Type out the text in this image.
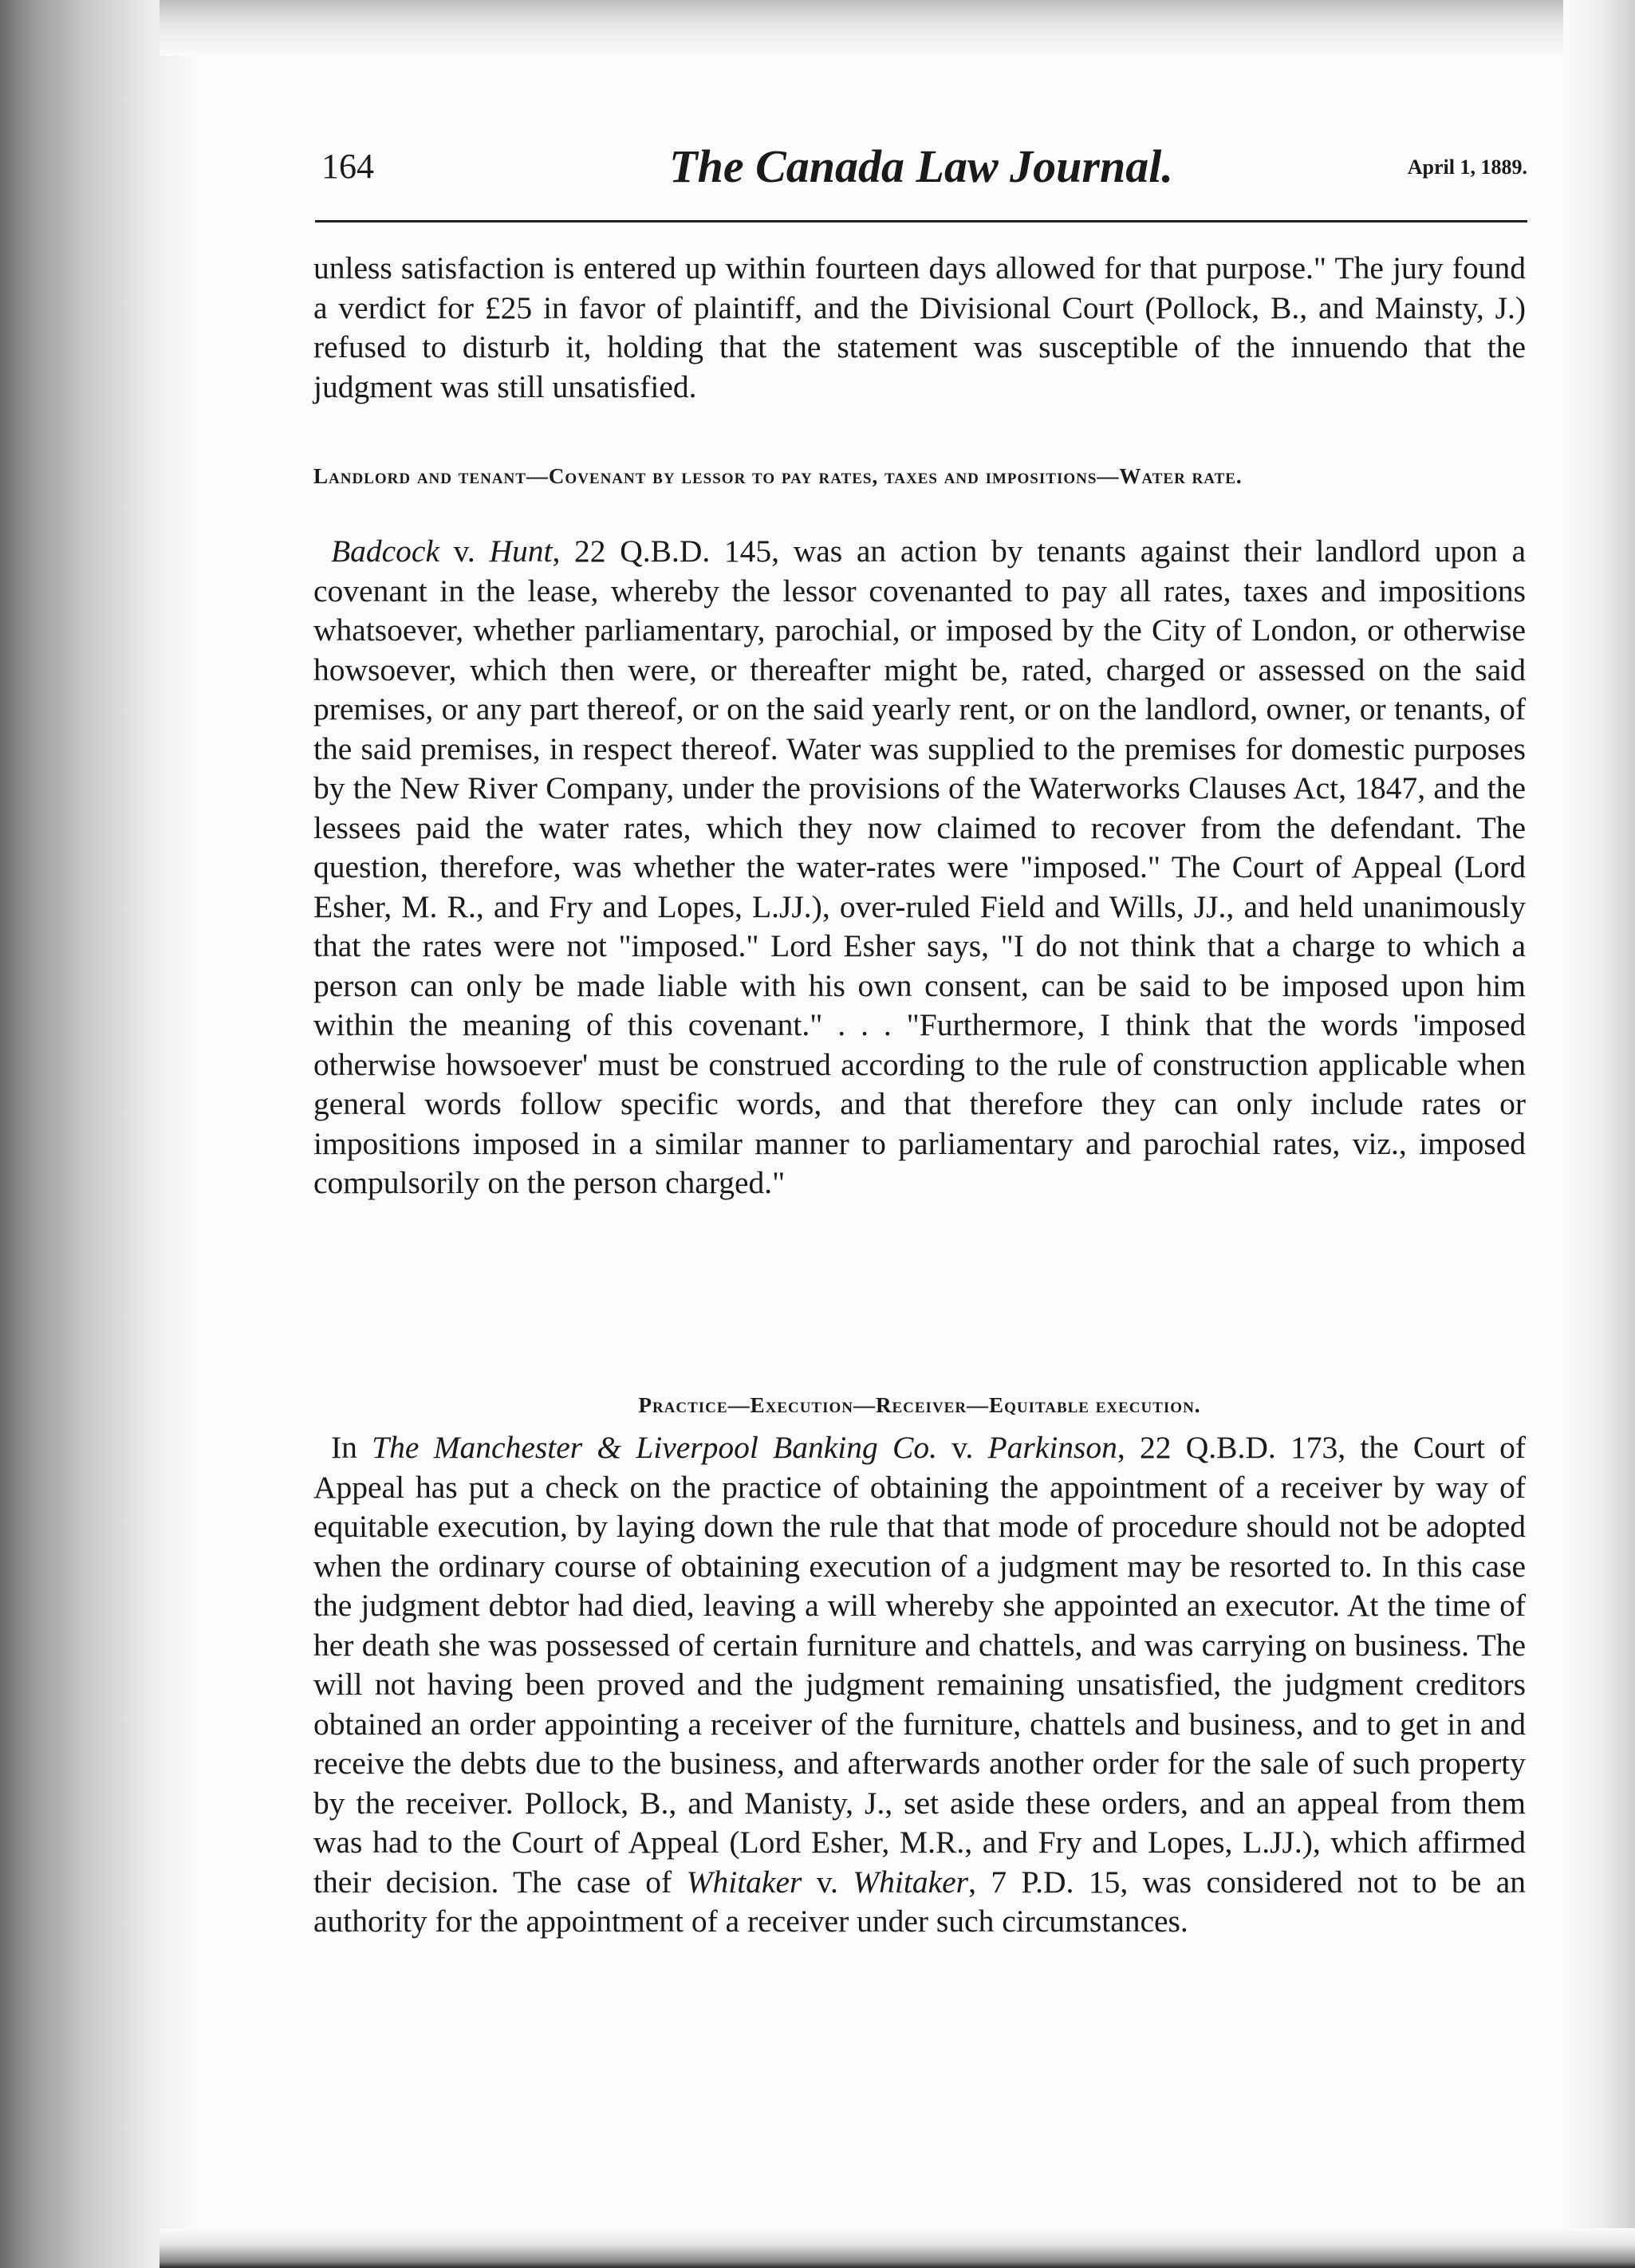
164	The Canada Law Journal.	April 1, 1889.

unless satisfaction is entered up within fourteen days allowed for that purpose." The jury found a verdict for £25 in favor of plaintiff, and the Divisional Court (Pollock, B., and Mainsty, J.) refused to disturb it, holding that the statement was susceptible of the innuendo that the judgment was still unsatisfied.

Landlord and tenant—Covenant by lessor to pay rates, taxes and impositions—Water rate.

Badcock v. Hunt, 22 Q.B.D. 145, was an action by tenants against their landlord upon a covenant in the lease, whereby the lessor covenanted to pay all rates, taxes and impositions whatsoever, whether parliamentary, parochial, or imposed by the City of London, or otherwise howsoever, which then were, or thereafter might be, rated, charged or assessed on the said premises, or any part thereof, or on the said yearly rent, or on the landlord, owner, or tenants, of the said premises, in respect thereof. Water was supplied to the premises for domestic purposes by the New River Company, under the provisions of the Waterworks Clauses Act, 1847, and the lessees paid the water rates, which they now claimed to recover from the defendant. The question, therefore, was whether the water-rates were "imposed." The Court of Appeal (Lord Esher, M. R., and Fry and Lopes, L.JJ.), over-ruled Field and Wills, JJ., and held unanimously that the rates were not "imposed." Lord Esher says, "I do not think that a charge to which a person can only be made liable with his own consent, can be said to be imposed upon him within the meaning of this covenant." . . . "Furthermore, I think that the words 'imposed otherwise howsoever' must be construed according to the rule of construction applicable when general words follow specific words, and that therefore they can only include rates or impositions imposed in a similar manner to parliamentary and parochial rates, viz., imposed compulsorily on the person charged."

Practice—Execution—Receiver—Equitable execution.

In The Manchester & Liverpool Banking Co. v. Parkinson, 22 Q.B.D. 173, the Court of Appeal has put a check on the practice of obtaining the appointment of a receiver by way of equitable execution, by laying down the rule that that mode of procedure should not be adopted when the ordinary course of obtaining execution of a judgment may be resorted to. In this case the judgment debtor had died, leaving a will whereby she appointed an executor. At the time of her death she was possessed of certain furniture and chattels, and was carrying on business. The will not having been proved and the judgment remaining unsatisfied, the judgment creditors obtained an order appointing a receiver of the furniture, chattels and business, and to get in and receive the debts due to the business, and afterwards another order for the sale of such property by the receiver. Pollock, B., and Manisty, J., set aside these orders, and an appeal from them was had to the Court of Appeal (Lord Esher, M.R., and Fry and Lopes, L.JJ.), which affirmed their decision. The case of Whitaker v. Whitaker, 7 P.D. 15, was considered not to be an authority for the appointment of a receiver under such circumstances.
